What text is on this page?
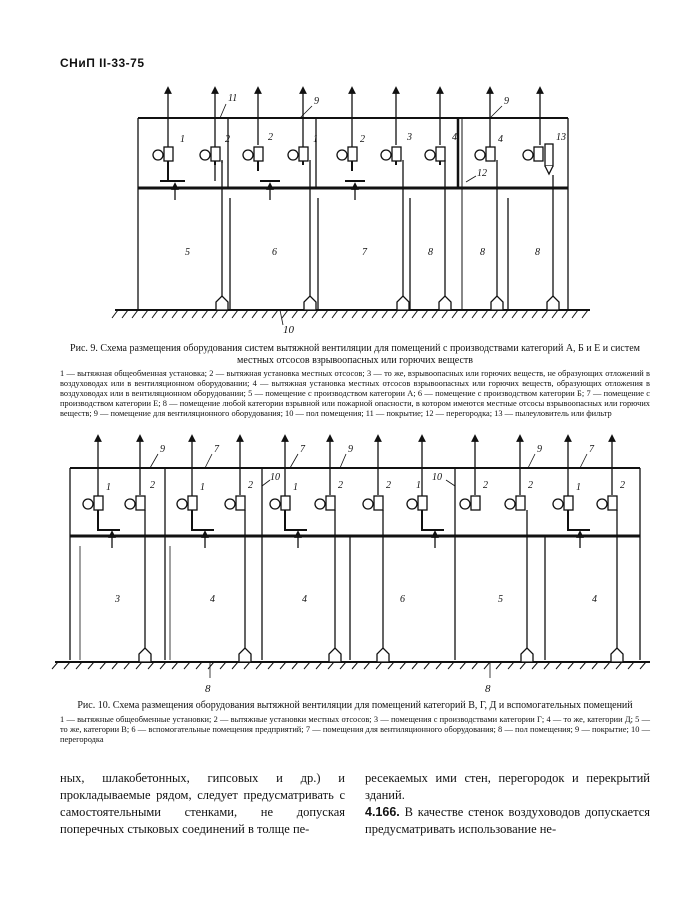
СНиП II-33-75
11	9	9
12
13
10
1	2	2	1	2	3	4	4
5	6	7	8	8	8
Рис. 9. Схема размещения оборудования систем вытяжной вентиляции для помещений с производствами категорий А, Б и Е и систем местных отсосов взрывоопасных или горючих веществ
1 — вытяжная общеобменная установка; 2 — вытяжная установка местных отсосов; 3 — то же, взрывоопасных или горючих веществ, не образующих отложений в воздуховодах или в вентиляционном оборудовании; 4 — вытяжная установка местных отсосов взрывоопасных или горючих веществ, образующих отложения в воздуховодах или в вентиляционном оборудовании; 5 — помещение с производством категории А; 6 — помещение с производством категории Б; 7 — помещение с производством категории Е; 8 — помещение любой категории взрывной или пожарной опасности, в котором имеются местные отсосы взрывоопасных или горючих веществ; 9 — помещение для вентиляционного оборудования; 10 — пол помещения; 11 — покрытие; 12 — перегородка; 13 — пылеуловитель или фильтр
9	7	7	9
10	10
9	7
8	8
1	2	1	2	1	2	2	1	2	2	1	2
3	4	4	6	5	4
Рис. 10. Схема размещения оборудования вытяжной вентиляции для помещений категорий В, Г, Д и вспомогательных помещений
1 — вытяжные общеобменные установки; 2 — вытяжные установки местных отсосов; 3 — помещения с производствами категории Г; 4 — то же, категории Д; 5 — то же, категории В; 6 — вспомогательные помещения предприятий; 7 — помещения для вентиляционного оборудования; 8 — пол помещения; 9 — покрытие; 10 — перегородка

ных, шлакобетонных, гипсовых и др.) и прокладываемые рядом, следует предусматривать с самостоятельными стенками, не допуская поперечных стыковых соединений в толще пе-

ресекаемых ими стен, перегородок и перекрытий зданий.

4.166. В качестве стенок воздуховодов допускается предусматривать использование не-
